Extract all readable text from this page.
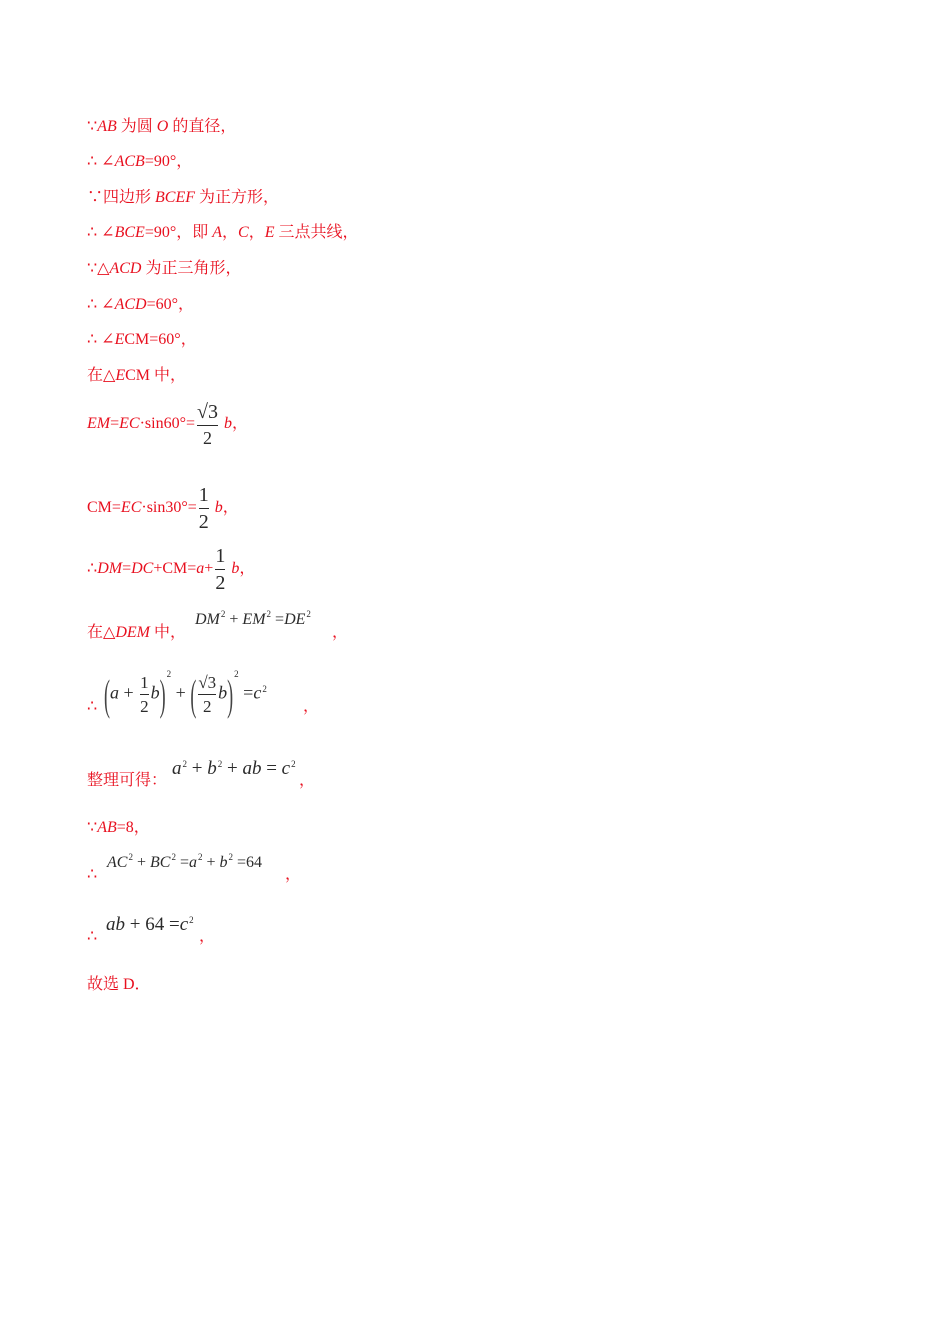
∵AB 为圆 O 的直径，
∴ ∠ACB=90°，
∵四边形 BCEF 为正方形，
∴ ∠BCE=90°，即 A，C，E 三点共线，
∵△ACD 为正三角形，
∴ ∠ACD=60°，
∴ ∠ECM=60°，
在△ECM 中，
$EM=EC\cdot\sin 60^\circ= \frac{√3}{2}$ b，
$CM=EC\cdot\sin 30^\circ= \frac{1}{2}$ b，
∴DM=DC+CM=a+ $\frac{1}{2}$ b，
在△DEM 中，
$DM^2 + EM^2 =DE^2$
，
∴ $(a + \frac{1}{2} b)^2$ + ( $\frac{√3}{2} b)^2 =c^2$
，
整理可得：
$a^2 + b^2$ + ab = $c^2$
，
∵AB=8，
∴
$AC^2 + BC^2 =a^2 + b^2 =64$
，
∴
ab + $64 =c^2$
，
故选 D．
